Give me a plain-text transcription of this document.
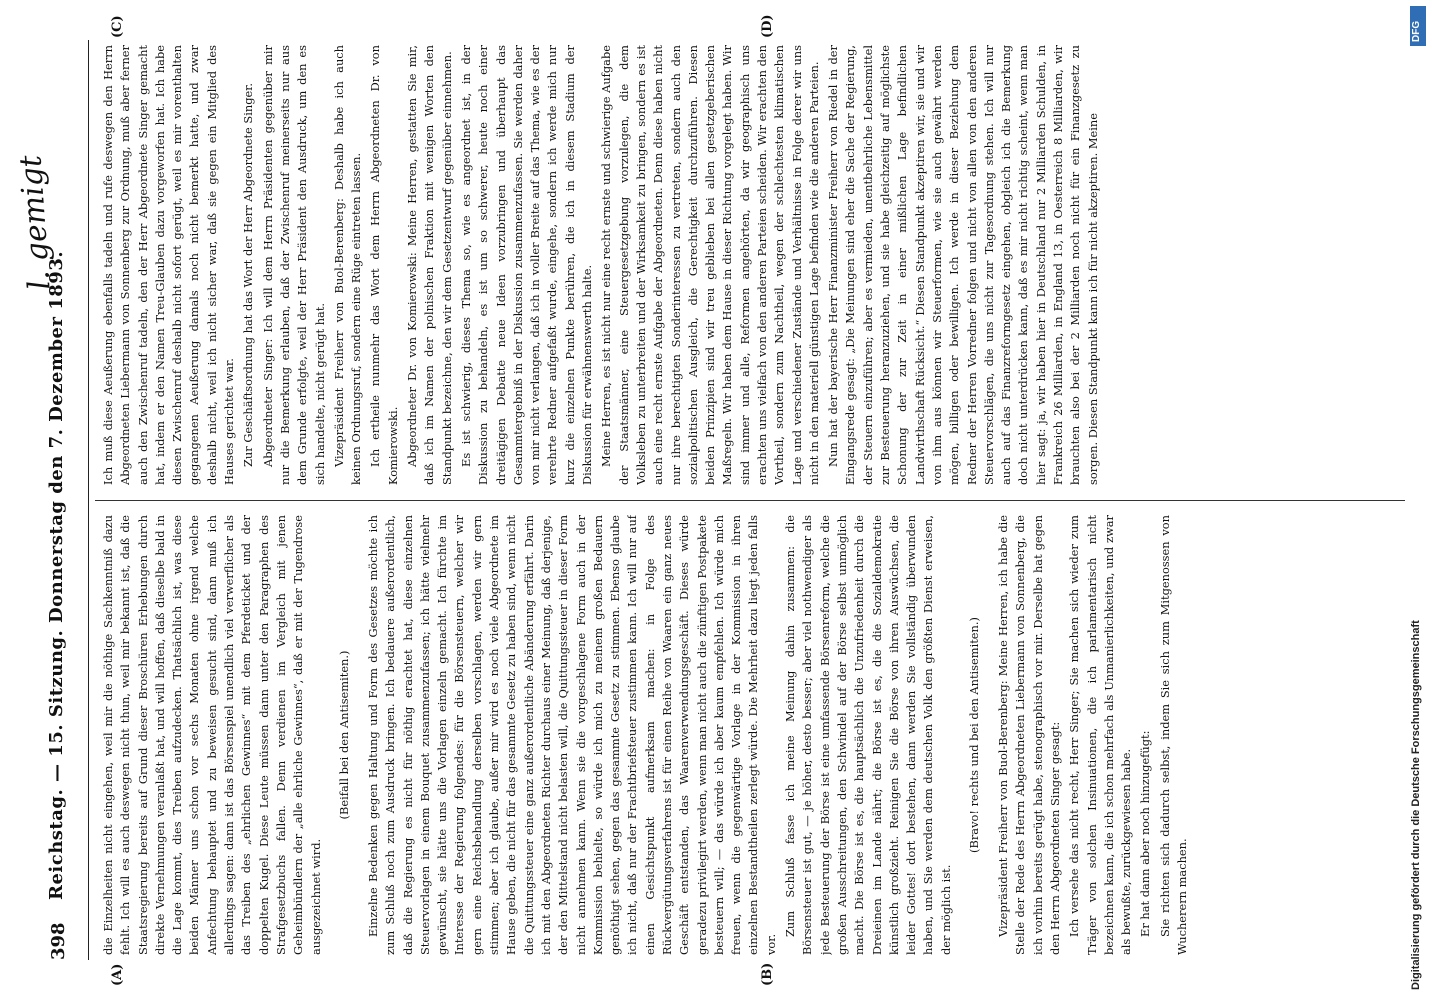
398
Reichstag. — 15. Sitzung. Donnerstag den 7. Dezember 1893.
l. gemigt
(A)	(B)
(C)	(D)

die Einzelheiten nicht eingehen, weil mir die nöthige Sachkenntniß dazu fehlt. Ich will es auch deswegen nicht thun, weil mir bekannt ist, daß die Staatsregierung bereits auf Grund dieser Broschüren Erhebungen durch direkte Vernehmungen veranlaßt hat, und will hoffen, daß dieselbe bald in die Lage kommt, dies Treiben aufzudecken. Thatsächlich ist, was diese beiden Männer uns schon vor sechs Monaten ohne irgend welche Anfechtung behauptet und zu beweisen gesucht sind, dann muß ich allerdings sagen: dann ist das Börsenspiel unendlich viel verwerflicher als das Treiben des „ehrlichen Gewinnes“ mit dem Pferdeticket und der doppelten Kugel. Diese Leute müssen dann unter den Paragraphen des Strafgesetzbuchs fallen. Denn verdienen im Vergleich mit jenen Geheimbündlern der „alle ehrliche Gewinnes“, daß er mit der Tugendrose ausgezeichnet wird.

(Beifall bei den Antisemiten.) Einzelne Bedenken gegen Haltung und Form des Gesetzes möchte ich zum Schluß noch zum Ausdruck bringen. Ich bedauere außerordentlich, daß die Regierung es nicht für nöthig erachtet hat, diese einzelnen Steuervorlagen in einem Bouquet zusammenzufassen; ich hätte vielmehr gewünscht, sie hätte uns die Vorlagen einzeln gemacht. Ich fürchte im Interesse der Regierung folgendes: für die Börsensteuern, welcher wir gern eine Reichsbehandlung derselben vorschlagen, werden wir gern stimmen; aber ich glaube, außer mir wird es noch viele Abgeordnete im Hause geben, die nicht für das gesammte Gesetz zu haben sind, wenn nicht die Quittungssteuer eine ganz außerordentliche Abänderung erfährt. Darin ich mit den Abgeordneten Richter durchaus einer Meinung, daß derjenige, der den Mittelstand nicht belasten will, die Quittungssteuer in dieser Form nicht annehmen kann. Wenn sie die vorgeschlagene Form auch in der Kommission behielte, so würde ich mich zu meinem großen Bedauern genöthigt sehen, gegen das gesammte Gesetz zu stimmen. Ebenso glaube ich nicht, daß nur der Frachtbriefsteuer zustimmen kann. Ich will nur auf einen Gesichtspunkt aufmerksam machen: in Folge des Rückvergütungsverfahrens ist für einen Reihe von Waaren ein ganz neues Geschäft entstanden, das Waarenverwendungsgeschäft. Dieses würde geradezu privilegirt werden, wenn man nicht auch die zünftigen Postpakete besteuern will; — das würde ich aber kaum empfehlen. Ich würde mich freuen, wenn die gegenwärtige Vorlage in der Kommission in ihren einzelnen Bestandtheilen zerlegt würde. Die Mehrheit dazu liegt jeden falls vor.

Zum Schluß fasse ich meine Meinung dahin zusammen: die Börsensteuer ist gut, — je höher, desto besser; aber viel nothwendiger als jede Besteuerung der Börse ist eine umfassende Börsenreform, welche die großen Ausschreitungen, den Schwindel auf der Börse selbst unmöglich macht. Die Börse ist es, die hauptsächlich die Unzufriedenheit durch die Dreieinen im Lande nährt; die Börse ist es, die die Sozialdemokratie künstlich großzieht. Reinigen Sie die Börse von ihren Auswüchsen, die leider Gottes! dort bestehen, dann werden Sie vollständig überwunden haben, und Sie werden dem deutschen Volk den größten Dienst erweisen, der möglich ist.

(Bravo! rechts und bei den Antisemiten.) Vizepräsident Freiherr von Buol-Berenberg: Meine Herren, ich habe die Stelle der Rede des Herrn Abgeordneten Liebermann von Sonnenberg, die ich vorhin bereits gerügt habe, stenographisch vor mir. Derselbe hat gegen den Herrn Abgeordneten Singer gesagt: Ich versehe das nicht recht, Herr Singer; Sie machen sich wieder zum Träger von solchen Insinuationen, die ich parlamentarisch nicht bezeichnen kann, die ich schon mehrfach als Unmanierlichkeiten, und zwar als bewußte, zurückgewiesen habe. Er hat dann aber noch hinzugefügt: Sie richten sich dadurch selbst, indem Sie sich zum Mitgenossen von Wucherern machen.

Ich muß diese Aeußerung ebenfalls tadeln und rufe deswegen den Herrn Abgeordneten Liebermann von Sonnenberg zur Ordnung, muß aber ferner auch den Zwischenruf tadeln, den der Herr Abgeordnete Singer gemacht hat, indem er den Namen Treu-Glauben dazu vorgeworfen hat. Ich habe diesen Zwischenruf deshalb nicht sofort gerügt, weil es mir vorenthalten gegangenen Aeußerung damals noch nicht bemerkt hatte, und zwar deshalb nicht, weil ich nicht sicher war, daß sie gegen ein Mitglied des Hauses gerichtet war. Zur Geschäftsordnung hat das Wort der Herr Abgeordnete Singer. Abgeordneter Singer: Ich will dem Herrn Präsidenten gegenüber mir nur die Bemerkung erlauben, daß der Zwischenruf meinerseits nur aus dem Grunde erfolgte, weil der Herr Präsident den Ausdruck, um den es sich handelte, nicht gerügt hat. Vizepräsident Freiherr von Buol-Berenberg: Deshalb habe ich auch keinen Ordnungsruf, sondern eine Rüge eintreten lassen. Ich ertheile nunmehr das Wort dem Herrn Abgeordneten Dr. von Komierowski. Abgeordneter Dr. von Komierowski: Meine Herren, gestatten Sie mir, daß ich im Namen der polnischen Fraktion mit wenigen Worten den Standpunkt bezeichne, den wir dem Gesetzentwurf gegenüber einnehmen. Es ist schwierig, dieses Thema so, wie es angeordnet ist, in der Diskussion zu behandeln, es ist um so schwerer, heute noch einer dreitägigen Debatte neue Ideen vorzubringen und überhaupt das Gesammtergebniß in der Diskussion zusammenzufassen. Sie werden daher von mir nicht verlangen, daß ich in voller Breite auf das Thema, wie es der verehrte Redner aufgefaßt wurde, eingehe, sondern ich werde mich nur kurz die einzelnen Punkte berühren, die ich in diesem Stadium der Diskussion für erwähnenswerth halte. Meine Herren, es ist nicht nur eine recht ernste und schwierige Aufgabe der Staatsmänner, eine Steuergesetzgebung vorzulegen, die dem Volksleben zu unterbreiten und der Wirksamkeit zu bringen, sondern es ist auch eine recht ernste Aufgabe der Abgeordneten. Denn diese haben nicht nur ihre berechtigten Sonderinteressen zu vertreten, sondern auch den sozialpolitischen Ausgleich, die Gerechtigkeit durchzuführen. Diesen beiden Prinzipien sind wir treu geblieben bei allen gesetzgeberischen Maßregeln. Wir haben dem Hause in dieser Richtung vorgelegt haben. Wir sind immer und alle, Reformen angehörten, da wir geographisch uns erachten uns vielfach von den anderen Parteien scheiden. Wir erachten den Vortheil, sondern zum Nachtheil, wegen der schlechtesten klimatischen Lage und verschiedener Zustände und Verhältnisse in Folge derer wir uns nicht in den materiell günstigen Lage befinden wie die anderen Parteien. Nun hat der bayerische Herr Finanzminister Freiherr von Riedel in der Eingangsrede gesagt: „Die Meinungen sind eher die Sache der Regierung, der Steuern einzuführen; aber es vermieden, unentbehrliche Lebensmittel zur Besteuerung heranzuziehen, und sie habe gleichzeitig auf möglichste Schonung der zur Zeit in einer mißlichen Lage befindlichen Landwirthschaft Rücksicht.“ Diesen Standpunkt akzeptiren wir, sie und wir von ihm aus können wir Steuerformen, wie sie auch gewährt werden mögen, billigen oder bewilligen. Ich werde in dieser Beziehung dem Redner der Herren Vorredner folgen und nicht von allen von den anderen Steuervorschlägen, die uns nicht zur Tagesordnung stehen. Ich will nur auch auf das Finanzreformgesetz eingehen, obgleich ich die Bemerkung doch nicht unterdrücken kann, daß es mir nicht richtig scheint, wenn man hier sagt: ja, wir haben hier in Deutschland nur 2 Milliarden Schulden, in Frankreich 26 Milliarden, in England 13, in Oesterreich 8 Milliarden, wir brauchten also bei der 2 Milliarden noch nicht für ein Finanzgesetz zu sorgen. Diesen Standpunkt kann ich für nicht akzeptiren. Meine

DFG
Digitalisierung gefördert durch die Deutsche Forschungsgemeinschaft
